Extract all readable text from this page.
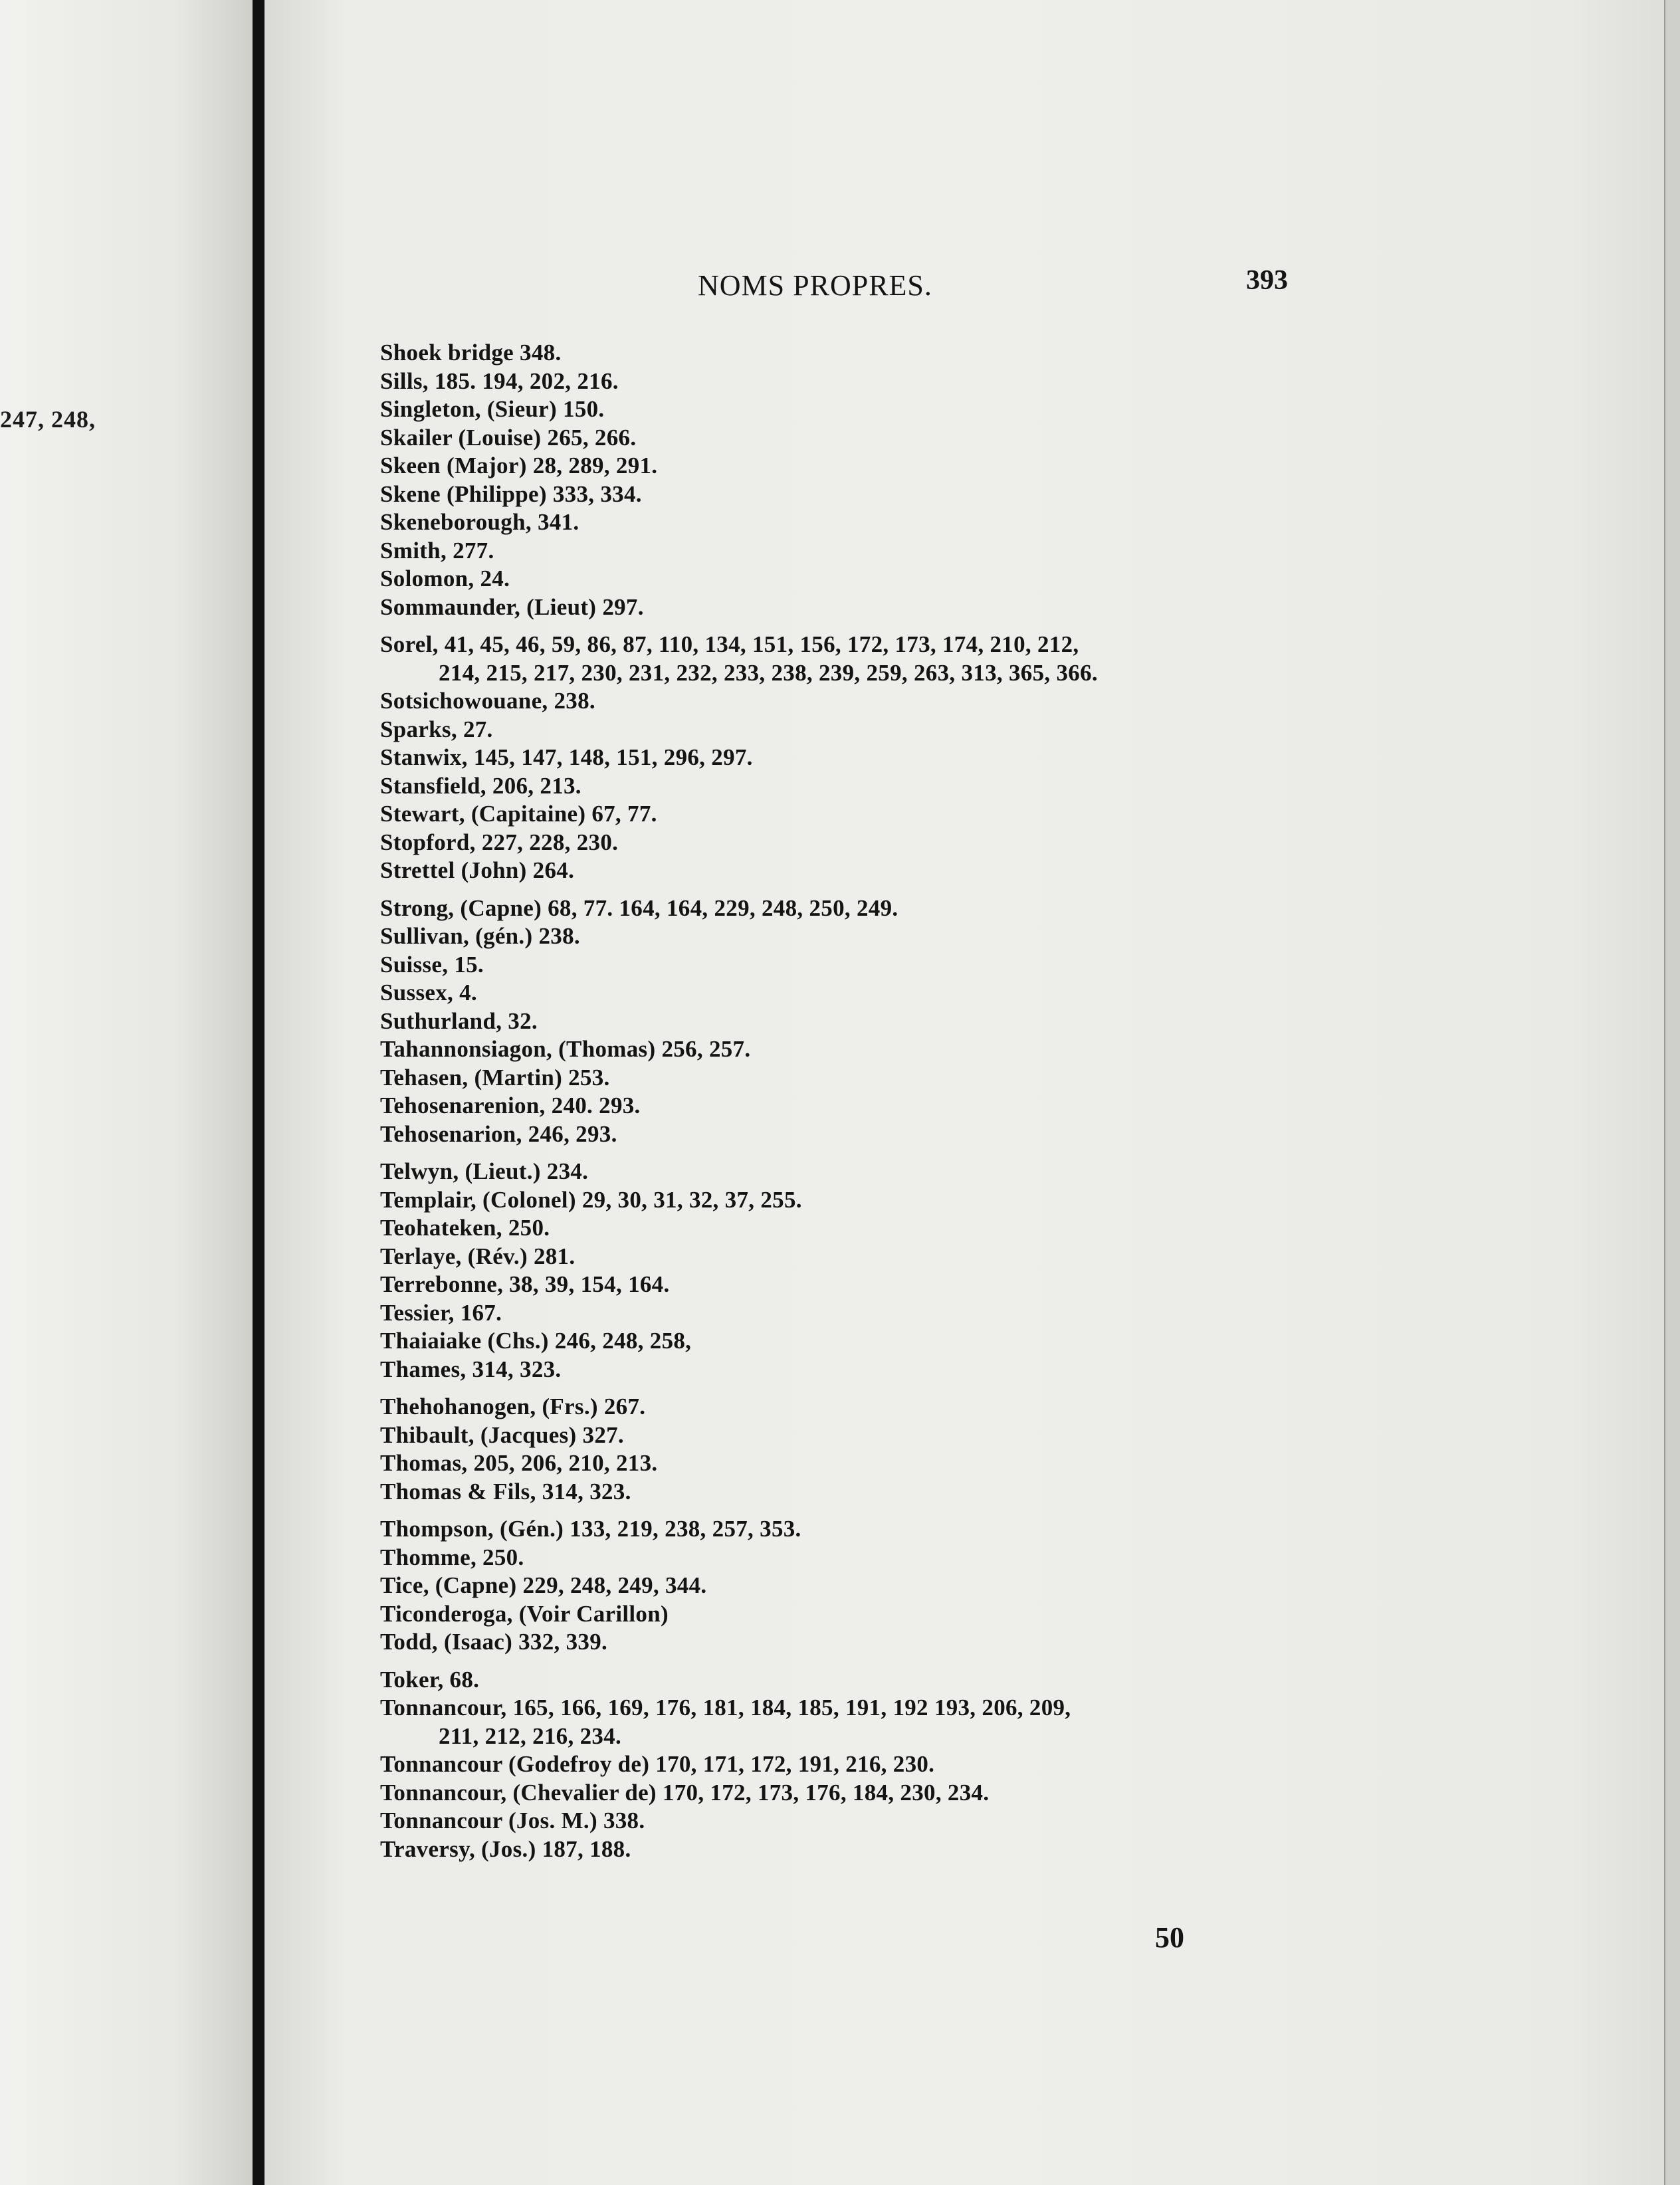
247, 248,
NOMS PROPRES.	393
Shoek bridge 348.
Sills, 185. 194, 202, 216.
Singleton, (Sieur) 150.
Skailer (Louise) 265, 266.
Skeen (Major) 28, 289, 291.
Skene (Philippe) 333, 334.
Skeneborough, 341.
Smith, 277.
Solomon, 24.
Sommaunder, (Lieut) 297.
Sorel, 41, 45, 46, 59, 86, 87, 110, 134, 151, 156, 172, 173, 174, 210, 212,
214, 215, 217, 230, 231, 232, 233, 238, 239, 259, 263, 313, 365, 366.
Sotsichowouane, 238.
Sparks, 27.
Stanwix, 145, 147, 148, 151, 296, 297.
Stansfield, 206, 213.
Stewart, (Capitaine) 67, 77.
Stopford, 227, 228, 230.
Strettel (John) 264.
Strong, (Capne) 68, 77. 164, 164, 229, 248, 250, 249.
Sullivan, (gén.) 238.
Suisse, 15.
Sussex, 4.
Suthurland, 32.
Tahannonsiagon, (Thomas) 256, 257.
Tehasen, (Martin) 253.
Tehosenarenion, 240. 293.
Tehosenarion, 246, 293.
Telwyn, (Lieut.) 234.
Templair, (Colonel) 29, 30, 31, 32, 37, 255.
Teohateken, 250.
Terlaye, (Rév.) 281.
Terrebonne, 38, 39, 154, 164.
Tessier, 167.
Thaiaiake (Chs.) 246, 248, 258,
Thames, 314, 323.
Thehohanogen, (Frs.) 267.
Thibault, (Jacques) 327.
Thomas, 205, 206, 210, 213.
Thomas & Fils, 314, 323.
Thompson, (Gén.) 133, 219, 238, 257, 353.
Thomme, 250.
Tice, (Capne) 229, 248, 249, 344.
Ticonderoga, (Voir Carillon)
Todd, (Isaac) 332, 339.
Toker, 68.
Tonnancour, 165, 166, 169, 176, 181, 184, 185, 191, 192 193, 206, 209,
211, 212, 216, 234.
Tonnancour (Godefroy de) 170, 171, 172, 191, 216, 230.
Tonnancour, (Chevalier de) 170, 172, 173, 176, 184, 230, 234.
Tonnancour (Jos. M.) 338.
Traversy, (Jos.) 187, 188.
50
